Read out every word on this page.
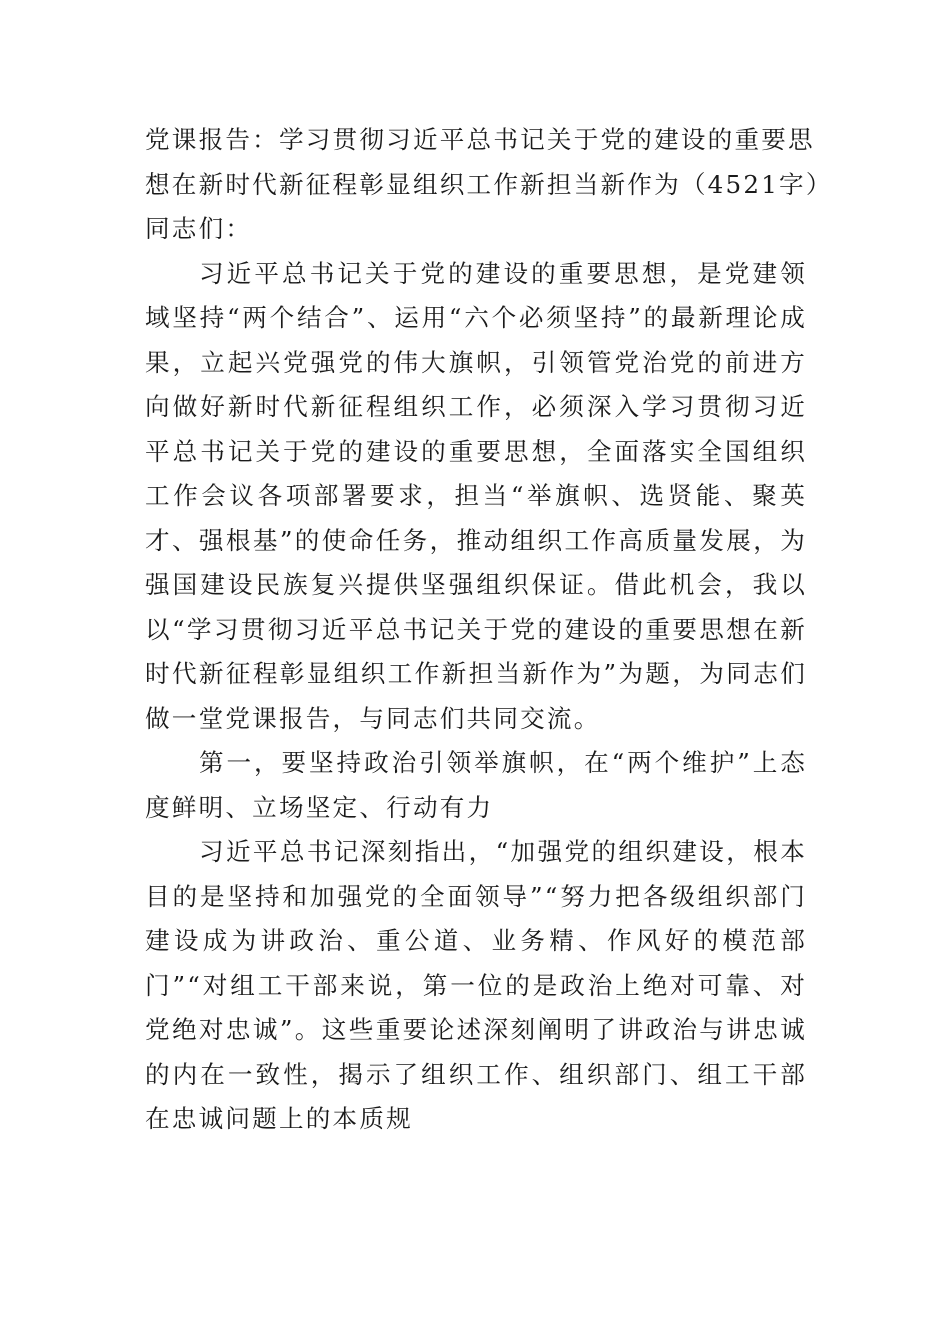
党课报告：学习贯彻习近平总书记关于党的建设的重要思
想在新时代新征程彰显组织工作新担当新作为（4521字）

同志们：

习近平总书记关于党的建设的重要思想，是党建领域坚持“两个结合”、运用“六个必须坚持”的最新理论成果，立起兴党强党的伟大旗帜，引领管党治党的前进方向做好新时代新征程组织工作，必须深入学习贯彻习近平总书记关于党的建设的重要思想，全面落实全国组织工作会议各项部署要求，担当“举旗帜、选贤能、聚英才、强根基”的使命任务，推动组织工作高质量发展，为强国建设民族复兴提供坚强组织保证。借此机会，我以以“学习贯彻习近平总书记关于党的建设的重要思想在新时代新征程彰显组织工作新担当新作为”为题，为同志们做一堂党课报告，与同志们共同交流。

第一，要坚持政治引领举旗帜，在“两个维护”上态度鲜明、立场坚定、行动有力

习近平总书记深刻指出，“加强党的组织建设，根本目的是坚持和加强党的全面领导”“努力把各级组织部门建设成为讲政治、重公道、业务精、作风好的模范部门”“对组工干部来说，第一位的是政治上绝对可靠、对党绝对忠诚”。这些重要论述深刻阐明了讲政治与讲忠诚的内在一致性，揭示了组织工作、组织部门、组工干部在忠诚问题上的本质规
